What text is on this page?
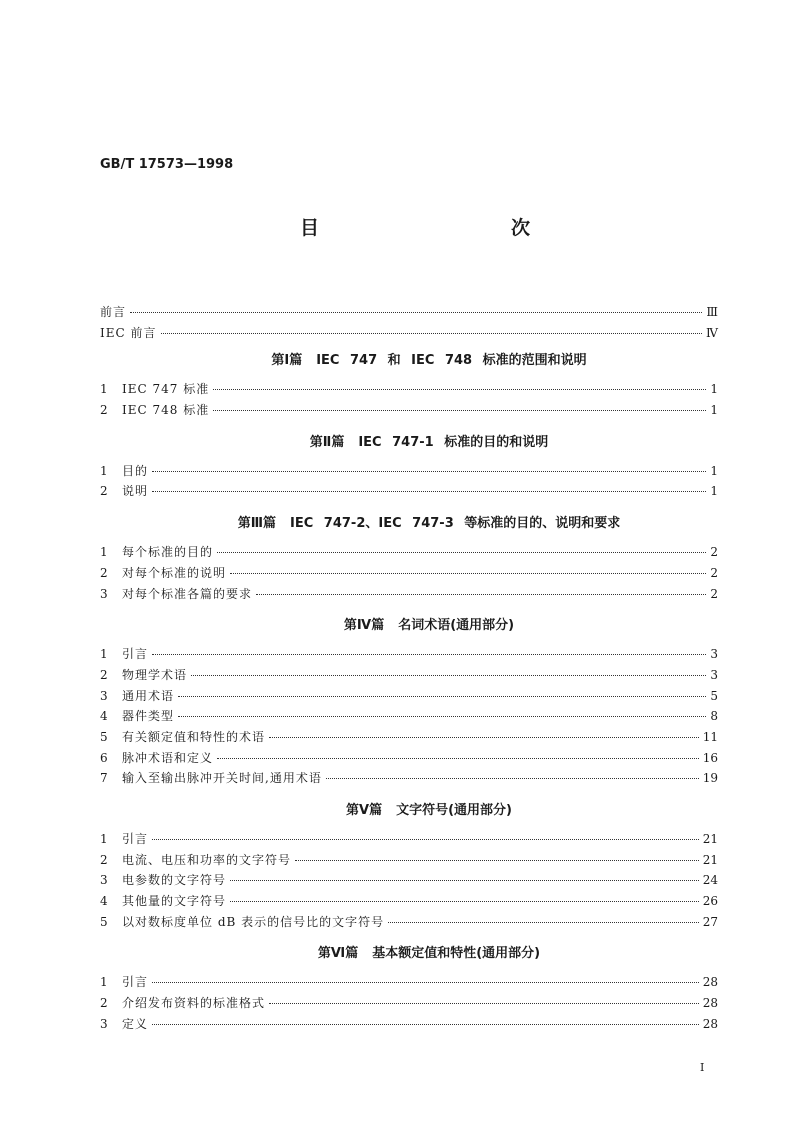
GB/T 17573—1998
目	次
前言	Ⅲ
IEC 前言	Ⅳ
第Ⅰ篇 IEC 747 和 IEC 748 标准的范围和说明
1	IEC 747 标准	1
2	IEC 748 标准	1
第Ⅱ篇 IEC 747-1 标准的目的和说明
1	目的	1
2	说明	1
第Ⅲ篇 IEC 747-2、IEC 747-3 等标准的目的、说明和要求
1	每个标准的目的	2
2	对每个标准的说明	2
3	对每个标准各篇的要求	2
第Ⅳ篇 名词术语(通用部分)
1	引言	3
2	物理学术语	3
3	通用术语	5
4	器件类型	8
5	有关额定值和特性的术语	11
6	脉冲术语和定义	16
7	输入至输出脉冲开关时间,通用术语	19
第Ⅴ篇 文字符号(通用部分)
1	引言	21
2	电流、电压和功率的文字符号	21
3	电参数的文字符号	24
4	其他量的文字符号	26
5	以对数标度单位 dB 表示的信号比的文字符号	27
第Ⅵ篇 基本额定值和特性(通用部分)
1	引言	28
2	介绍发布资料的标准格式	28
3	定义	28
Ⅰ
